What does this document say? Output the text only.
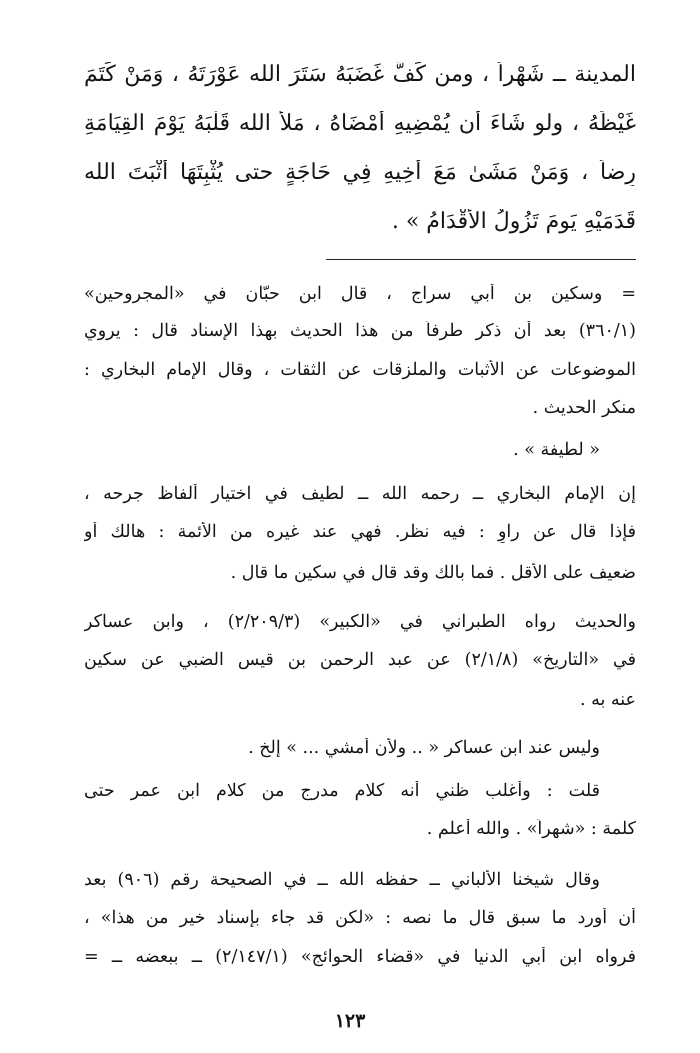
المدينة ــ شَهْراً ، ومن كَفَّ غَضَبَهُ سَتَرَ الله عَوْرَتَهُ ، وَمَنْ كَتَمَ
غَيْظَهُ ، ولو شَاءَ أن يُمْضِيهِ أَمْضَاهُ ، مَلأَ الله قَلْبَهُ يَوْمَ القِيَامَةِ
رِضاً ، وَمَنْ مَشَىٰ مَعَ أَخِيهِ فِي حَاجَةٍ حتى يُثْبِتَهَا أَثْبَتَ الله
قَدَمَيْهِ يَومَ تَزُولُ الأَقْدَامُ » .
= وسكين بن أبي سراج ، قال ابن حبّان في «المجروحين»
(٣٦٠/١) بعد أن ذكر طرفاً من هذا الحديث بهذا الإسناد قال : يروي
الموضوعات عن الأثبات والملزقات عن الثقات ، وقال الإمام البخاري :
منكر الحديث .
« لطيفة » .
إن الإمام البخاري ــ رحمه الله ــ لطيف في اختيار ألفاظ جرحه ،
فإذا قال عن راوٍ : فيه نظر. فهي عند غيره من الأئمة : هالك أو
ضعيف على الأقل . فما بالك وقد قال في سكين ما قال .
والحديث رواه الطبراني في «الكبير» (٢/٢٠٩/٣) ، وابن عساكر
في «التاريخ» (٢/١/٨) عن عبد الرحمن بن قيس الضبي عن سكين
عنه به .
وليس عند ابن عساكر « .. ولأن أمشي ... » إلخ .
قلت : وأغلب ظني أنه كلام مدرج من كلام ابن عمر حتى
كلمة : «شهراً» . والله أعلم .
وقال شيخنا الألباني ــ حفظه الله ــ في الصحيحة رقم (٩٠٦) بعد
أن أورد ما سبق قال ما نصه : «لكن قد جاء بإسناد خير من هذا» ،
فرواه ابن أبي الدنيا في «قضاء الحوائج» (٢/١٤٧/١) ــ ببعضه ــ =
١٢٣
